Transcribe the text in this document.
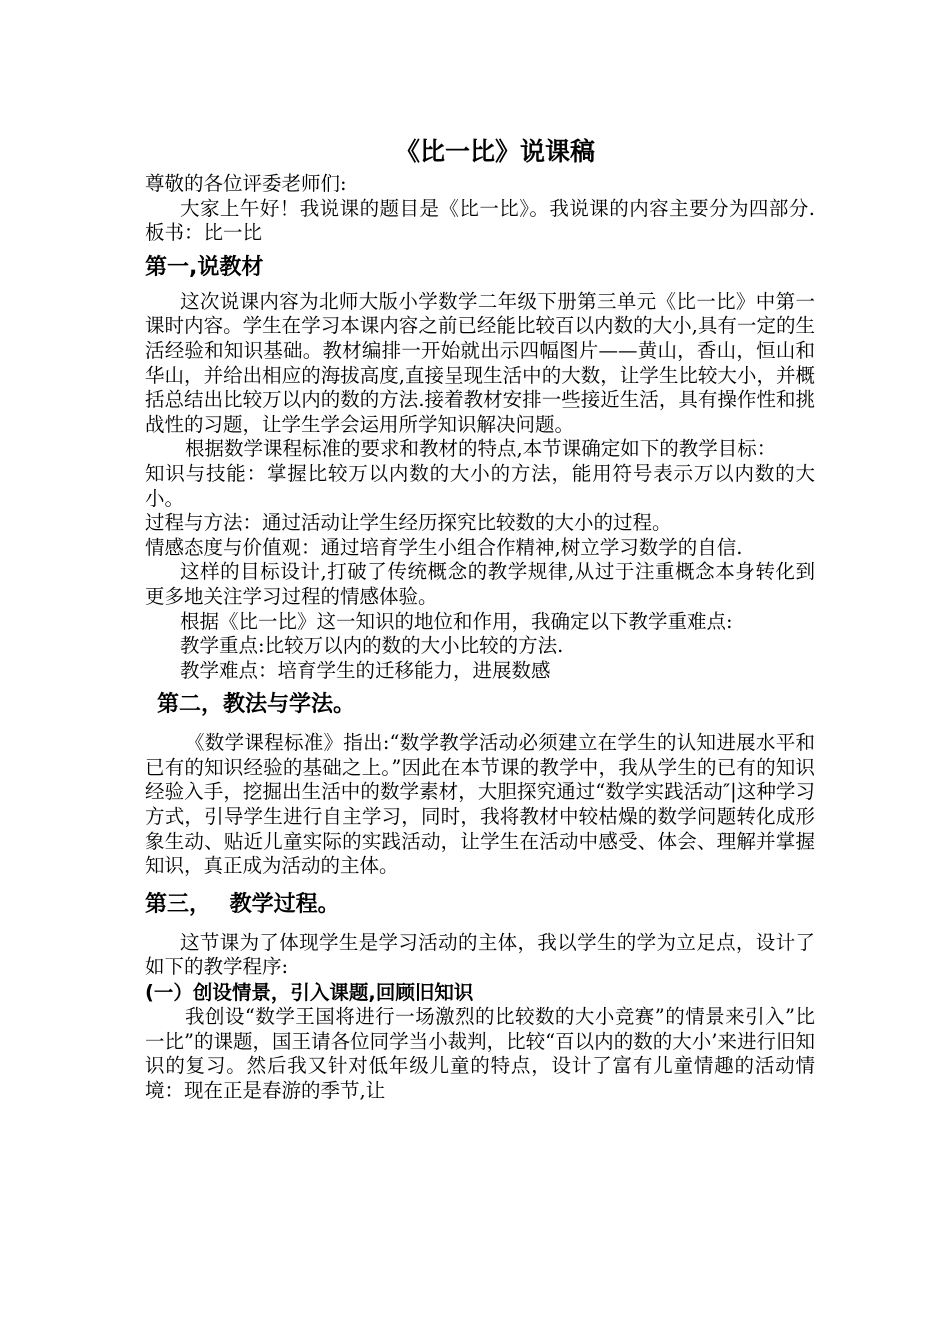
《比一比》说课稿

尊敬的各位评委老师们:

大家上午好！我说课的题目是《比一比》。我说课的内容主要分为四部分.板书：比一比

第一,说教材

这次说课内容为北师大版小学数学二年级下册第三单元《比一比》中第一课时内容。学生在学习本课内容之前已经能比较百以内数的大小,具有一定的生活经验和知识基础。教材编排一开始就出示四幅图片——黄山，香山，恒山和华山，并给出相应的海拔高度,直接呈现生活中的大数，让学生比较大小，并概括总结出比较万以内的数的方法.接着教材安排一些接近生活，具有操作性和挑战性的习题，让学生学会运用所学知识解决问题。

根据数学课程标准的要求和教材的特点,本节课确定如下的教学目标：

知识与技能：掌握比较万以内数的大小的方法，能用符号表示万以内数的大小。

过程与方法：通过活动让学生经历探究比较数的大小的过程。

情感态度与价值观：通过培育学生小组合作精神,树立学习数学的自信.

这样的目标设计,打破了传统概念的教学规律,从过于注重概念本身转化到更多地关注学习过程的情感体验。

根据《比一比》这一知识的地位和作用，我确定以下教学重难点:

教学重点:比较万以内的数的大小比较的方法.

教学难点：培育学生的迁移能力，进展数感

第二，教法与学法。

《数学课程标准》指出:“数学教学活动必须建立在学生的认知进展水平和已有的知识经验的基础之上。”因此在本节课的教学中，我从学生的已有的知识经验入手，挖掘出生活中的数学素材，大胆探究通过“数学实践活动″|这种学习方式，引导学生进行自主学习，同时，我将教材中较枯燥的数学问题转化成形象生动、贴近儿童实际的实践活动，让学生在活动中感受、体会、理解并掌握知识，真正成为活动的主体。

第三，　 教学过程。

这节课为了体现学生是学习活动的主体，我以学生的学为立足点，设计了如下的教学程序:

(一）创设情景，引入课题,回顾旧知识

我创设“数学王国将进行一场激烈的比较数的大小竞赛”的情景来引入”比一比”的课题，国王请各位同学当小裁判，比较“百以内的数的大小’来进行旧知识的复习。然后我又针对低年级儿童的特点，设计了富有儿童情趣的活动情境：现在正是春游的季节,让
